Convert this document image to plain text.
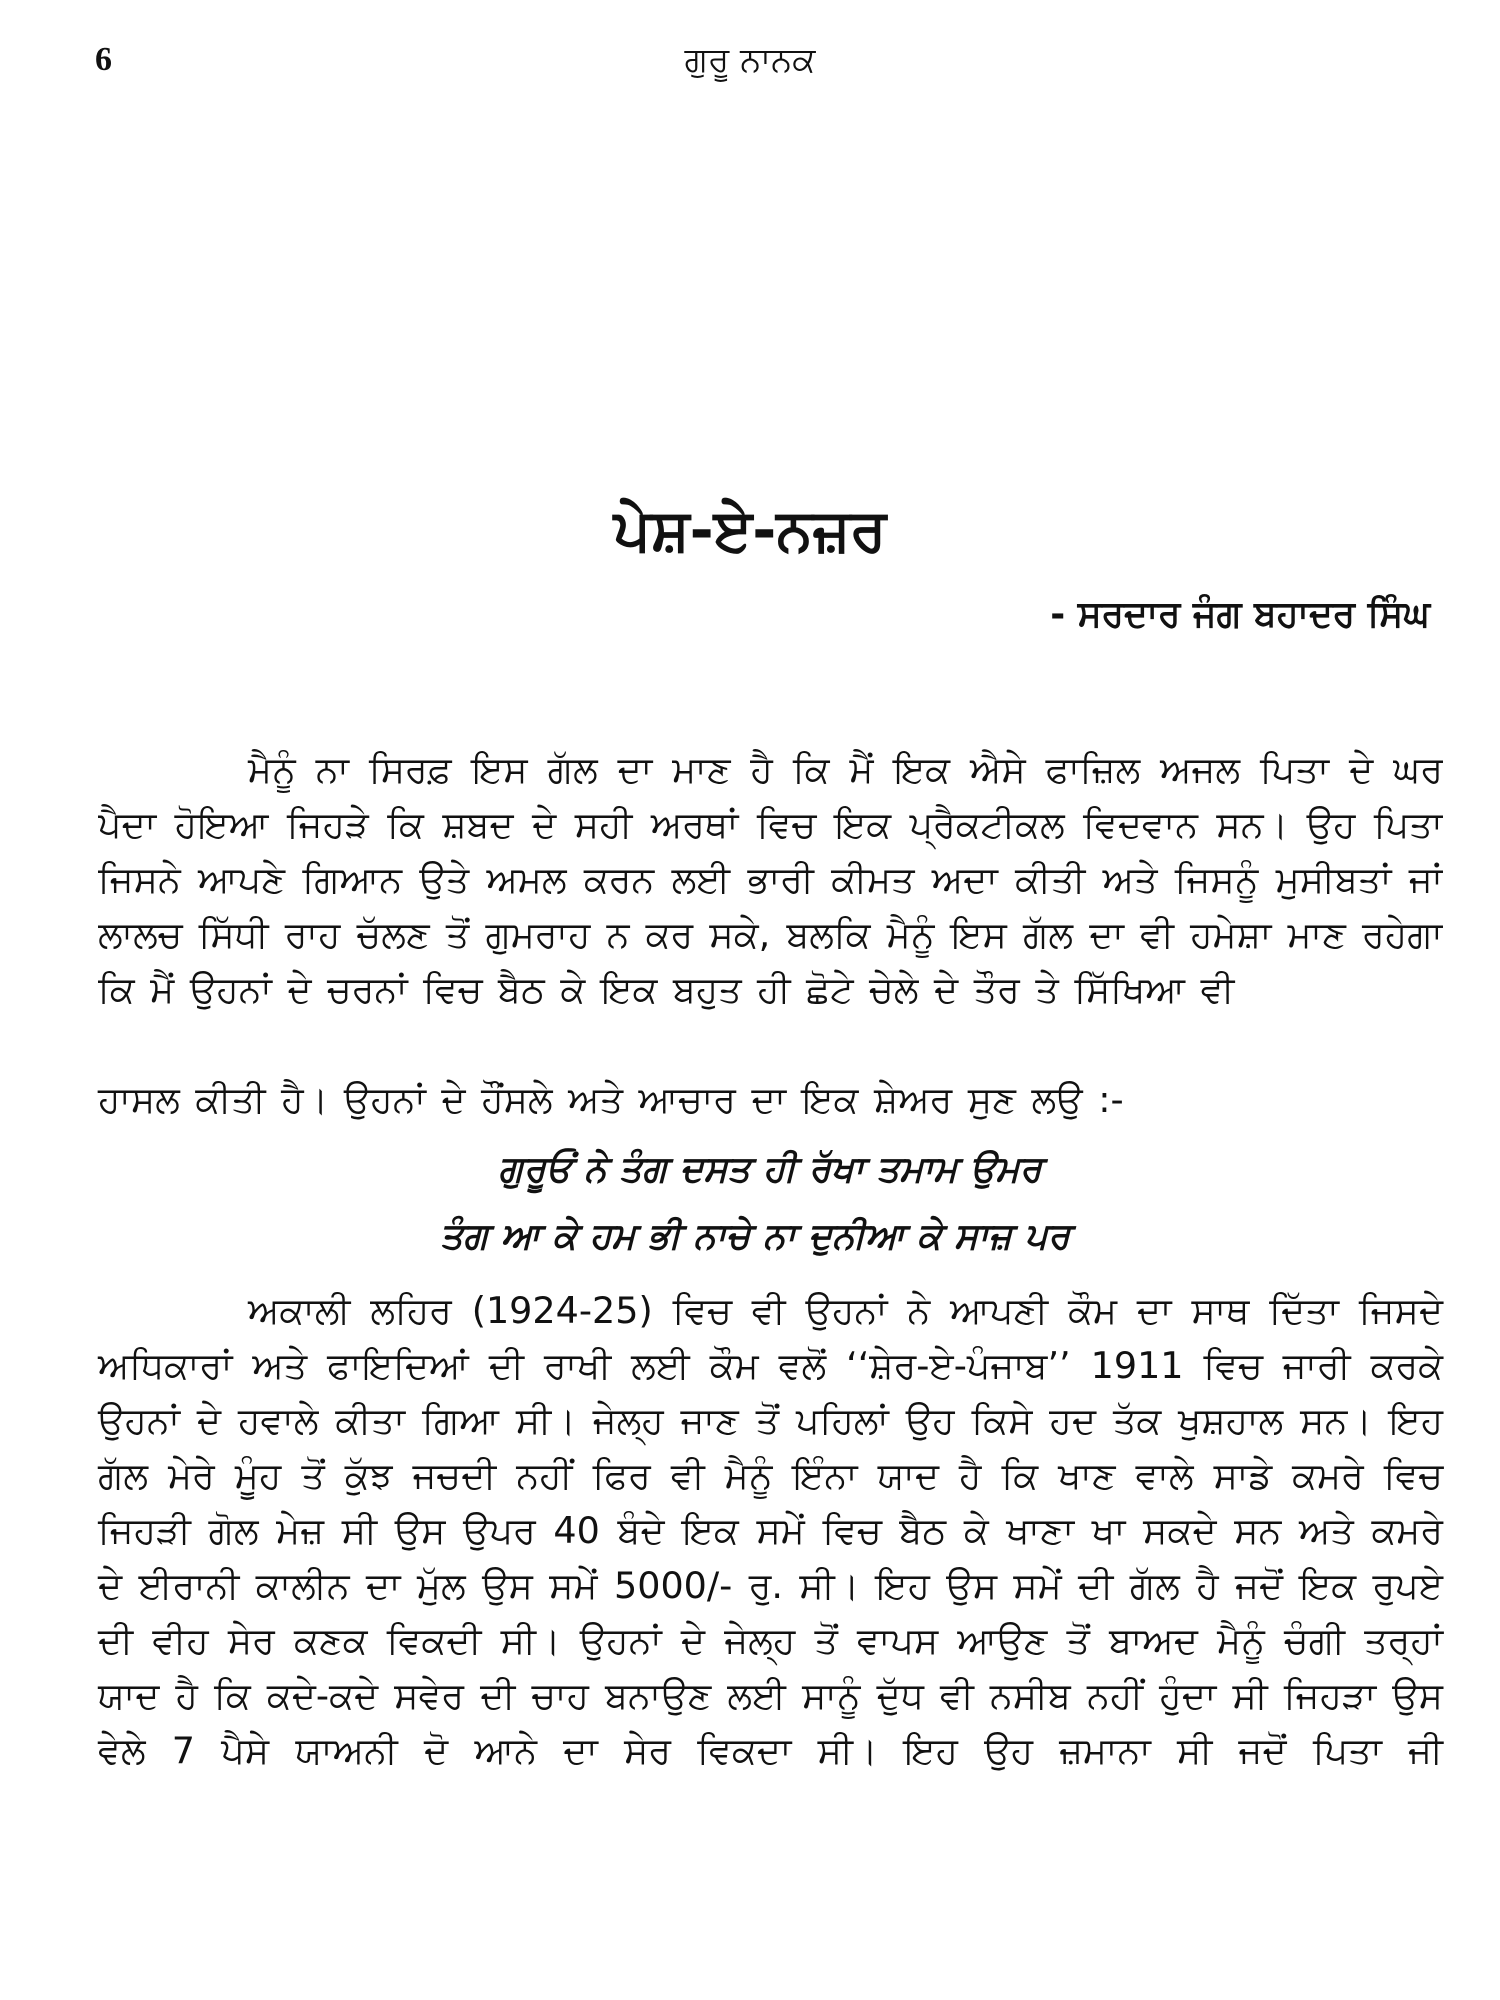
6	ਗੁਰੂ ਨਾਨਕ
ਪੇਸ਼-ਏ-ਨਜ਼ਰ
- ਸਰਦਾਰ ਜੰਗ ਬਹਾਦਰ ਸਿੰਘ

ਮੈਨੂੰ ਨਾ ਸਿਰਫ਼ ਇਸ ਗੱਲ ਦਾ ਮਾਣ ਹੈ ਕਿ ਮੈਂ ਇਕ ਐਸੇ ਫਾਜ਼ਿਲ ਅਜਲ ਪਿਤਾ ਦੇ ਘਰ ਪੈਦਾ ਹੋਇਆ ਜਿਹੜੇ ਕਿ ਸ਼ਬਦ ਦੇ ਸਹੀ ਅਰਥਾਂ ਵਿਚ ਇਕ ਪ੍ਰੈਕਟੀਕਲ ਵਿਦਵਾਨ ਸਨ। ਉਹ ਪਿਤਾ ਜਿਸਨੇ ਆਪਣੇ ਗਿਆਨ ਉਤੇ ਅਮਲ ਕਰਨ ਲਈ ਭਾਰੀ ਕੀਮਤ ਅਦਾ ਕੀਤੀ ਅਤੇ ਜਿਸਨੂੰ ਮੁਸੀਬਤਾਂ ਜਾਂ ਲਾਲਚ ਸਿੱਧੀ ਰਾਹ ਚੱਲਣ ਤੋਂ ਗੁਮਰਾਹ ਨ ਕਰ ਸਕੇ, ਬਲਕਿ ਮੈਨੂੰ ਇਸ ਗੱਲ ਦਾ ਵੀ ਹਮੇਸ਼ਾ ਮਾਣ ਰਹੇਗਾ ਕਿ ਮੈਂ ਉਹਨਾਂ ਦੇ ਚਰਨਾਂ ਵਿਚ ਬੈਠ ਕੇ ਇਕ ਬਹੁਤ ਹੀ ਛੋਟੇ ਚੇਲੇ ਦੇ ਤੌਰ ਤੇ ਸਿੱਖਿਆ ਵੀ

ਹਾਸਲ ਕੀਤੀ ਹੈ। ਉਹਨਾਂ ਦੇ ਹੌਂਸਲੇ ਅਤੇ ਆਚਾਰ ਦਾ ਇਕ ਸ਼ੇਅਰ ਸੁਣ ਲਉ :-
ਗੁਰੂਓਂ ਨੇ ਤੰਗ ਦਸਤ ਹੀ ਰੱਖਾ ਤਮਾਮ ਉਮਰ
ਤੰਗ ਆ ਕੇ ਹਮ ਭੀ ਨਾਚੇ ਨਾ ਦੁਨੀਆ ਕੇ ਸਾਜ਼ ਪਰ

ਅਕਾਲੀ ਲਹਿਰ (1924-25) ਵਿਚ ਵੀ ਉਹਨਾਂ ਨੇ ਆਪਣੀ ਕੌਮ ਦਾ ਸਾਥ ਦਿੱਤਾ ਜਿਸਦੇ ਅਧਿਕਾਰਾਂ ਅਤੇ ਫਾਇਦਿਆਂ ਦੀ ਰਾਖੀ ਲਈ ਕੌਮ ਵਲੋਂ ‘‘ਸ਼ੇਰ-ਏ-ਪੰਜਾਬ’’ 1911 ਵਿਚ ਜਾਰੀ ਕਰਕੇ ਉਹਨਾਂ ਦੇ ਹਵਾਲੇ ਕੀਤਾ ਗਿਆ ਸੀ। ਜੇਲ੍ਹ ਜਾਣ ਤੋਂ ਪਹਿਲਾਂ ਉਹ ਕਿਸੇ ਹਦ ਤੱਕ ਖੁਸ਼ਹਾਲ ਸਨ। ਇਹ ਗੱਲ ਮੇਰੇ ਮੂੰਹ ਤੋਂ ਕੁੱਝ ਜਚਦੀ ਨਹੀਂ ਫਿਰ ਵੀ ਮੈਨੂੰ ਇੰਨਾ ਯਾਦ ਹੈ ਕਿ ਖਾਣ ਵਾਲੇ ਸਾਡੇ ਕਮਰੇ ਵਿਚ ਜਿਹੜੀ ਗੋਲ ਮੇਜ਼ ਸੀ ਉਸ ਉਪਰ 40 ਬੰਦੇ ਇਕ ਸਮੇਂ ਵਿਚ ਬੈਠ ਕੇ ਖਾਣਾ ਖਾ ਸਕਦੇ ਸਨ ਅਤੇ ਕਮਰੇ ਦੇ ਈਰਾਨੀ ਕਾਲੀਨ ਦਾ ਮੁੱਲ ਉਸ ਸਮੇਂ 5000/- ਰੁ. ਸੀ। ਇਹ ਉਸ ਸਮੇਂ ਦੀ ਗੱਲ ਹੈ ਜਦੋਂ ਇਕ ਰੁਪਏ ਦੀ ਵੀਹ ਸੇਰ ਕਣਕ ਵਿਕਦੀ ਸੀ। ਉਹਨਾਂ ਦੇ ਜੇਲ੍ਹ ਤੋਂ ਵਾਪਸ ਆਉਣ ਤੋਂ ਬਾਅਦ ਮੈਨੂੰ ਚੰਗੀ ਤਰ੍ਹਾਂ ਯਾਦ ਹੈ ਕਿ ਕਦੇ-ਕਦੇ ਸਵੇਰ ਦੀ ਚਾਹ ਬਨਾਉਣ ਲਈ ਸਾਨੂੰ ਦੁੱਧ ਵੀ ਨਸੀਬ ਨਹੀਂ ਹੁੰਦਾ ਸੀ ਜਿਹੜਾ ਉਸ ਵੇਲੇ 7 ਪੈਸੇ ਯਾਅਨੀ ਦੋ ਆਨੇ ਦਾ ਸੇਰ ਵਿਕਦਾ ਸੀ। ਇਹ ਉਹ ਜ਼ਮਾਨਾ ਸੀ ਜਦੋਂ ਪਿਤਾ ਜੀ
